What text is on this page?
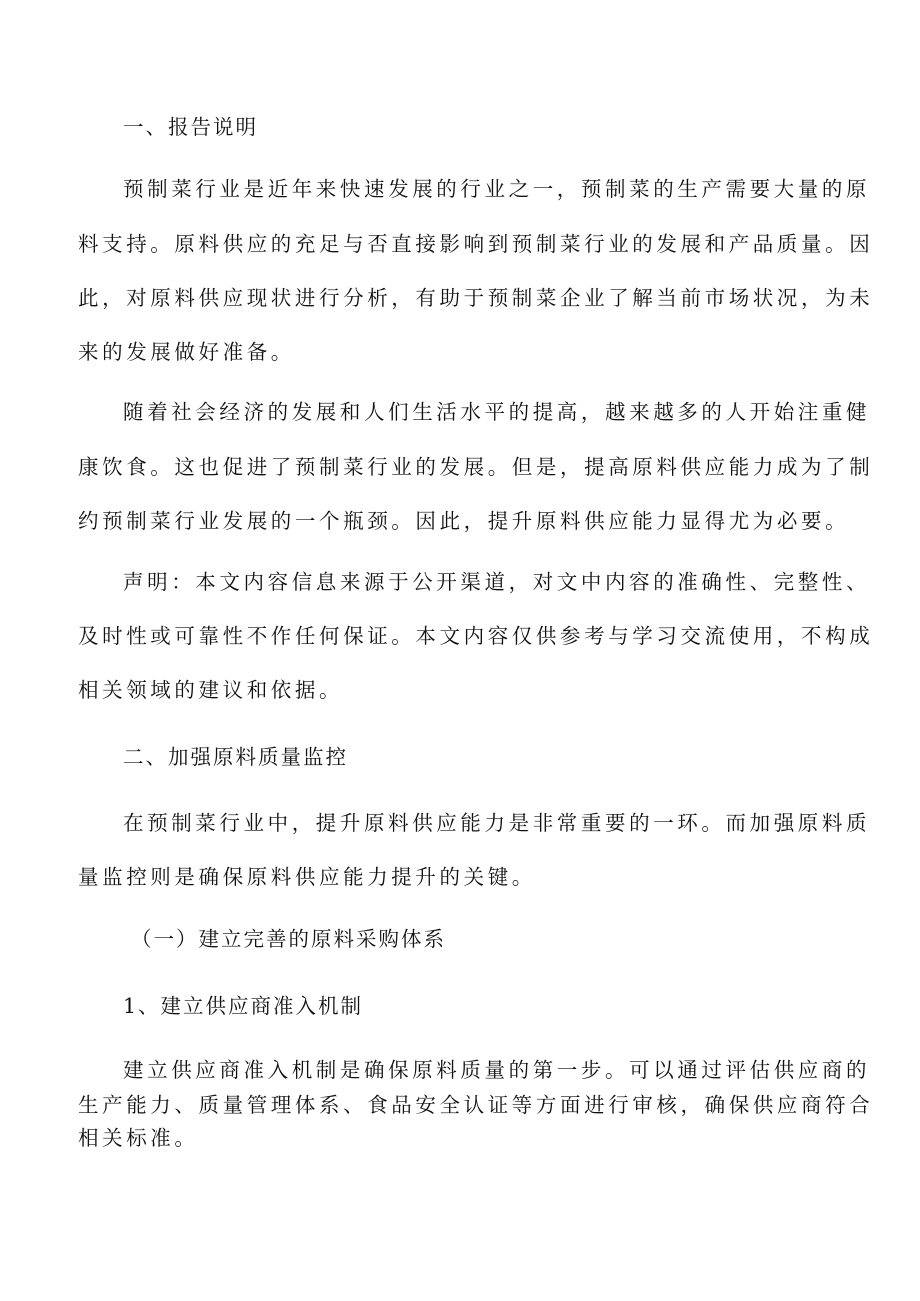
一、报告说明
预制菜行业是近年来快速发展的行业之一，预制菜的生产需要大量的原
料支持。原料供应的充足与否直接影响到预制菜行业的发展和产品质量。因
此，对原料供应现状进行分析，有助于预制菜企业了解当前市场状况，为未
来的发展做好准备。
随着社会经济的发展和人们生活水平的提高，越来越多的人开始注重健
康饮食。这也促进了预制菜行业的发展。但是，提高原料供应能力成为了制
约预制菜行业发展的一个瓶颈。因此，提升原料供应能力显得尤为必要。
声明：本文内容信息来源于公开渠道，对文中内容的准确性、完整性、
及时性或可靠性不作任何保证。本文内容仅供参考与学习交流使用，不构成
相关领域的建议和依据。
二、加强原料质量监控
在预制菜行业中，提升原料供应能力是非常重要的一环。而加强原料质
量监控则是确保原料供应能力提升的关键。
（一）建立完善的原料采购体系
1、建立供应商准入机制
建立供应商准入机制是确保原料质量的第一步。可以通过评估供应商的
生产能力、质量管理体系、食品安全认证等方面进行审核，确保供应商符合
相关标准。
